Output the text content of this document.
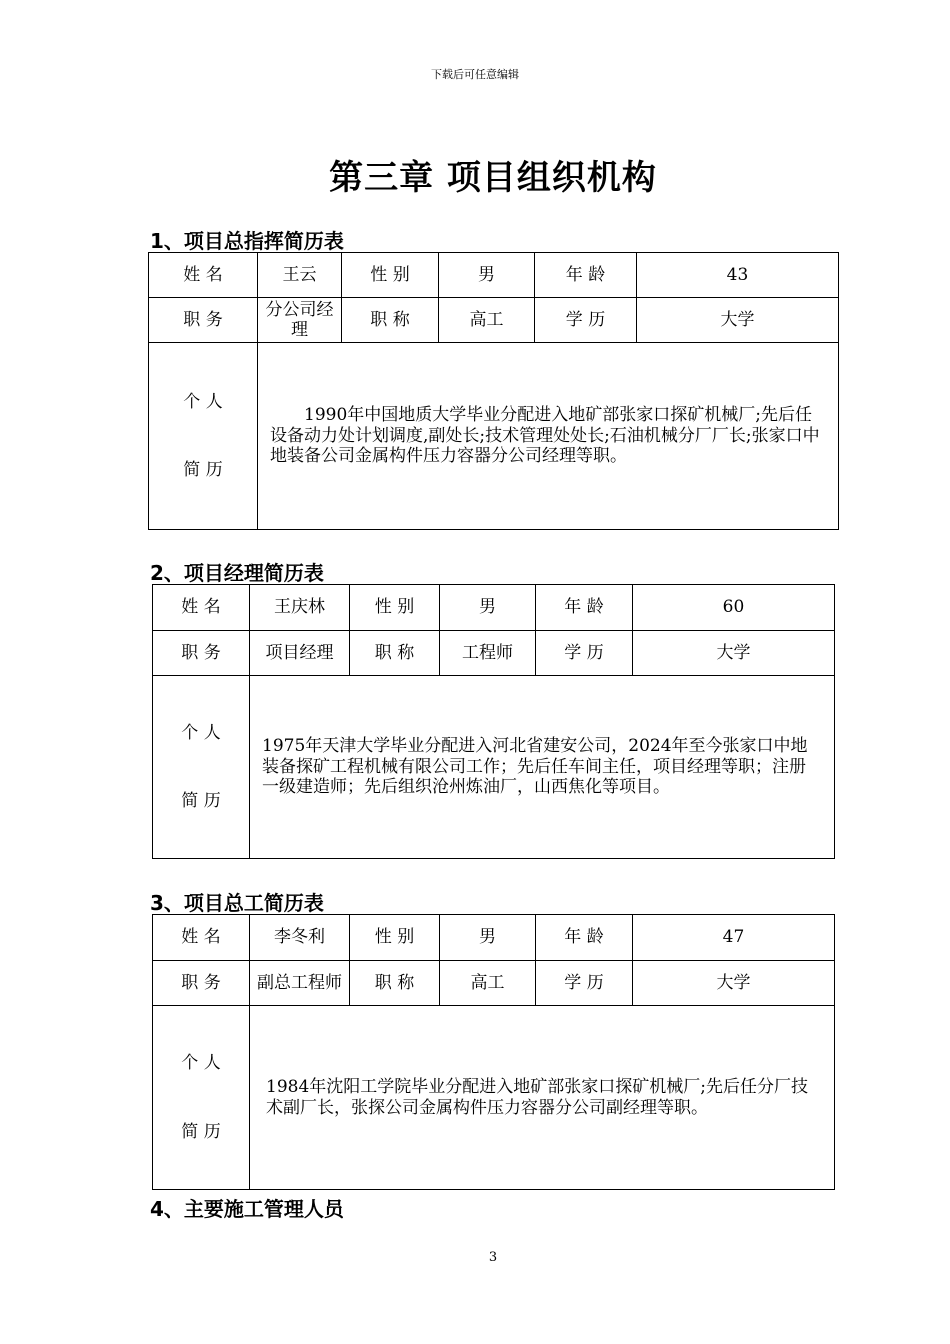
下载后可任意编辑
第三章 项目组织机构
1、项目总指挥简历表
姓 名	王云	性 别	男	年 龄	43
职 务	分公司经理	职 称	高工	学 历	大学

个 人
简 历	1990年中国地质大学毕业分配进入地矿部张家口探矿机械厂;先后任设备动力处计划调度,副处长;技术管理处处长;石油机械分厂厂长;张家口中地装备公司金属构件压力容器分公司经理等职。				
2、项目经理简历表
姓 名	王庆林	性 别	男	年 龄	60
职 务	项目经理	职 称	工程师	学 历	大学

个 人
简 历	1975年天津大学毕业分配进入河北省建安公司，2024年至今张家口中地装备探矿工程机械有限公司工作；先后任车间主任，项目经理等职；注册一级建造师；先后组织沧州炼油厂，山西焦化等项目。				
3、项目总工简历表
姓 名	李冬利	性 别	男	年 龄	47
职 务	副总工程师	职 称	高工	学 历	大学

个 人
简 历	1984年沈阳工学院毕业分配进入地矿部张家口探矿机械厂;先后任分厂技术副厂长，张探公司金属构件压力容器分公司副经理等职。				
4、主要施工管理人员
3
